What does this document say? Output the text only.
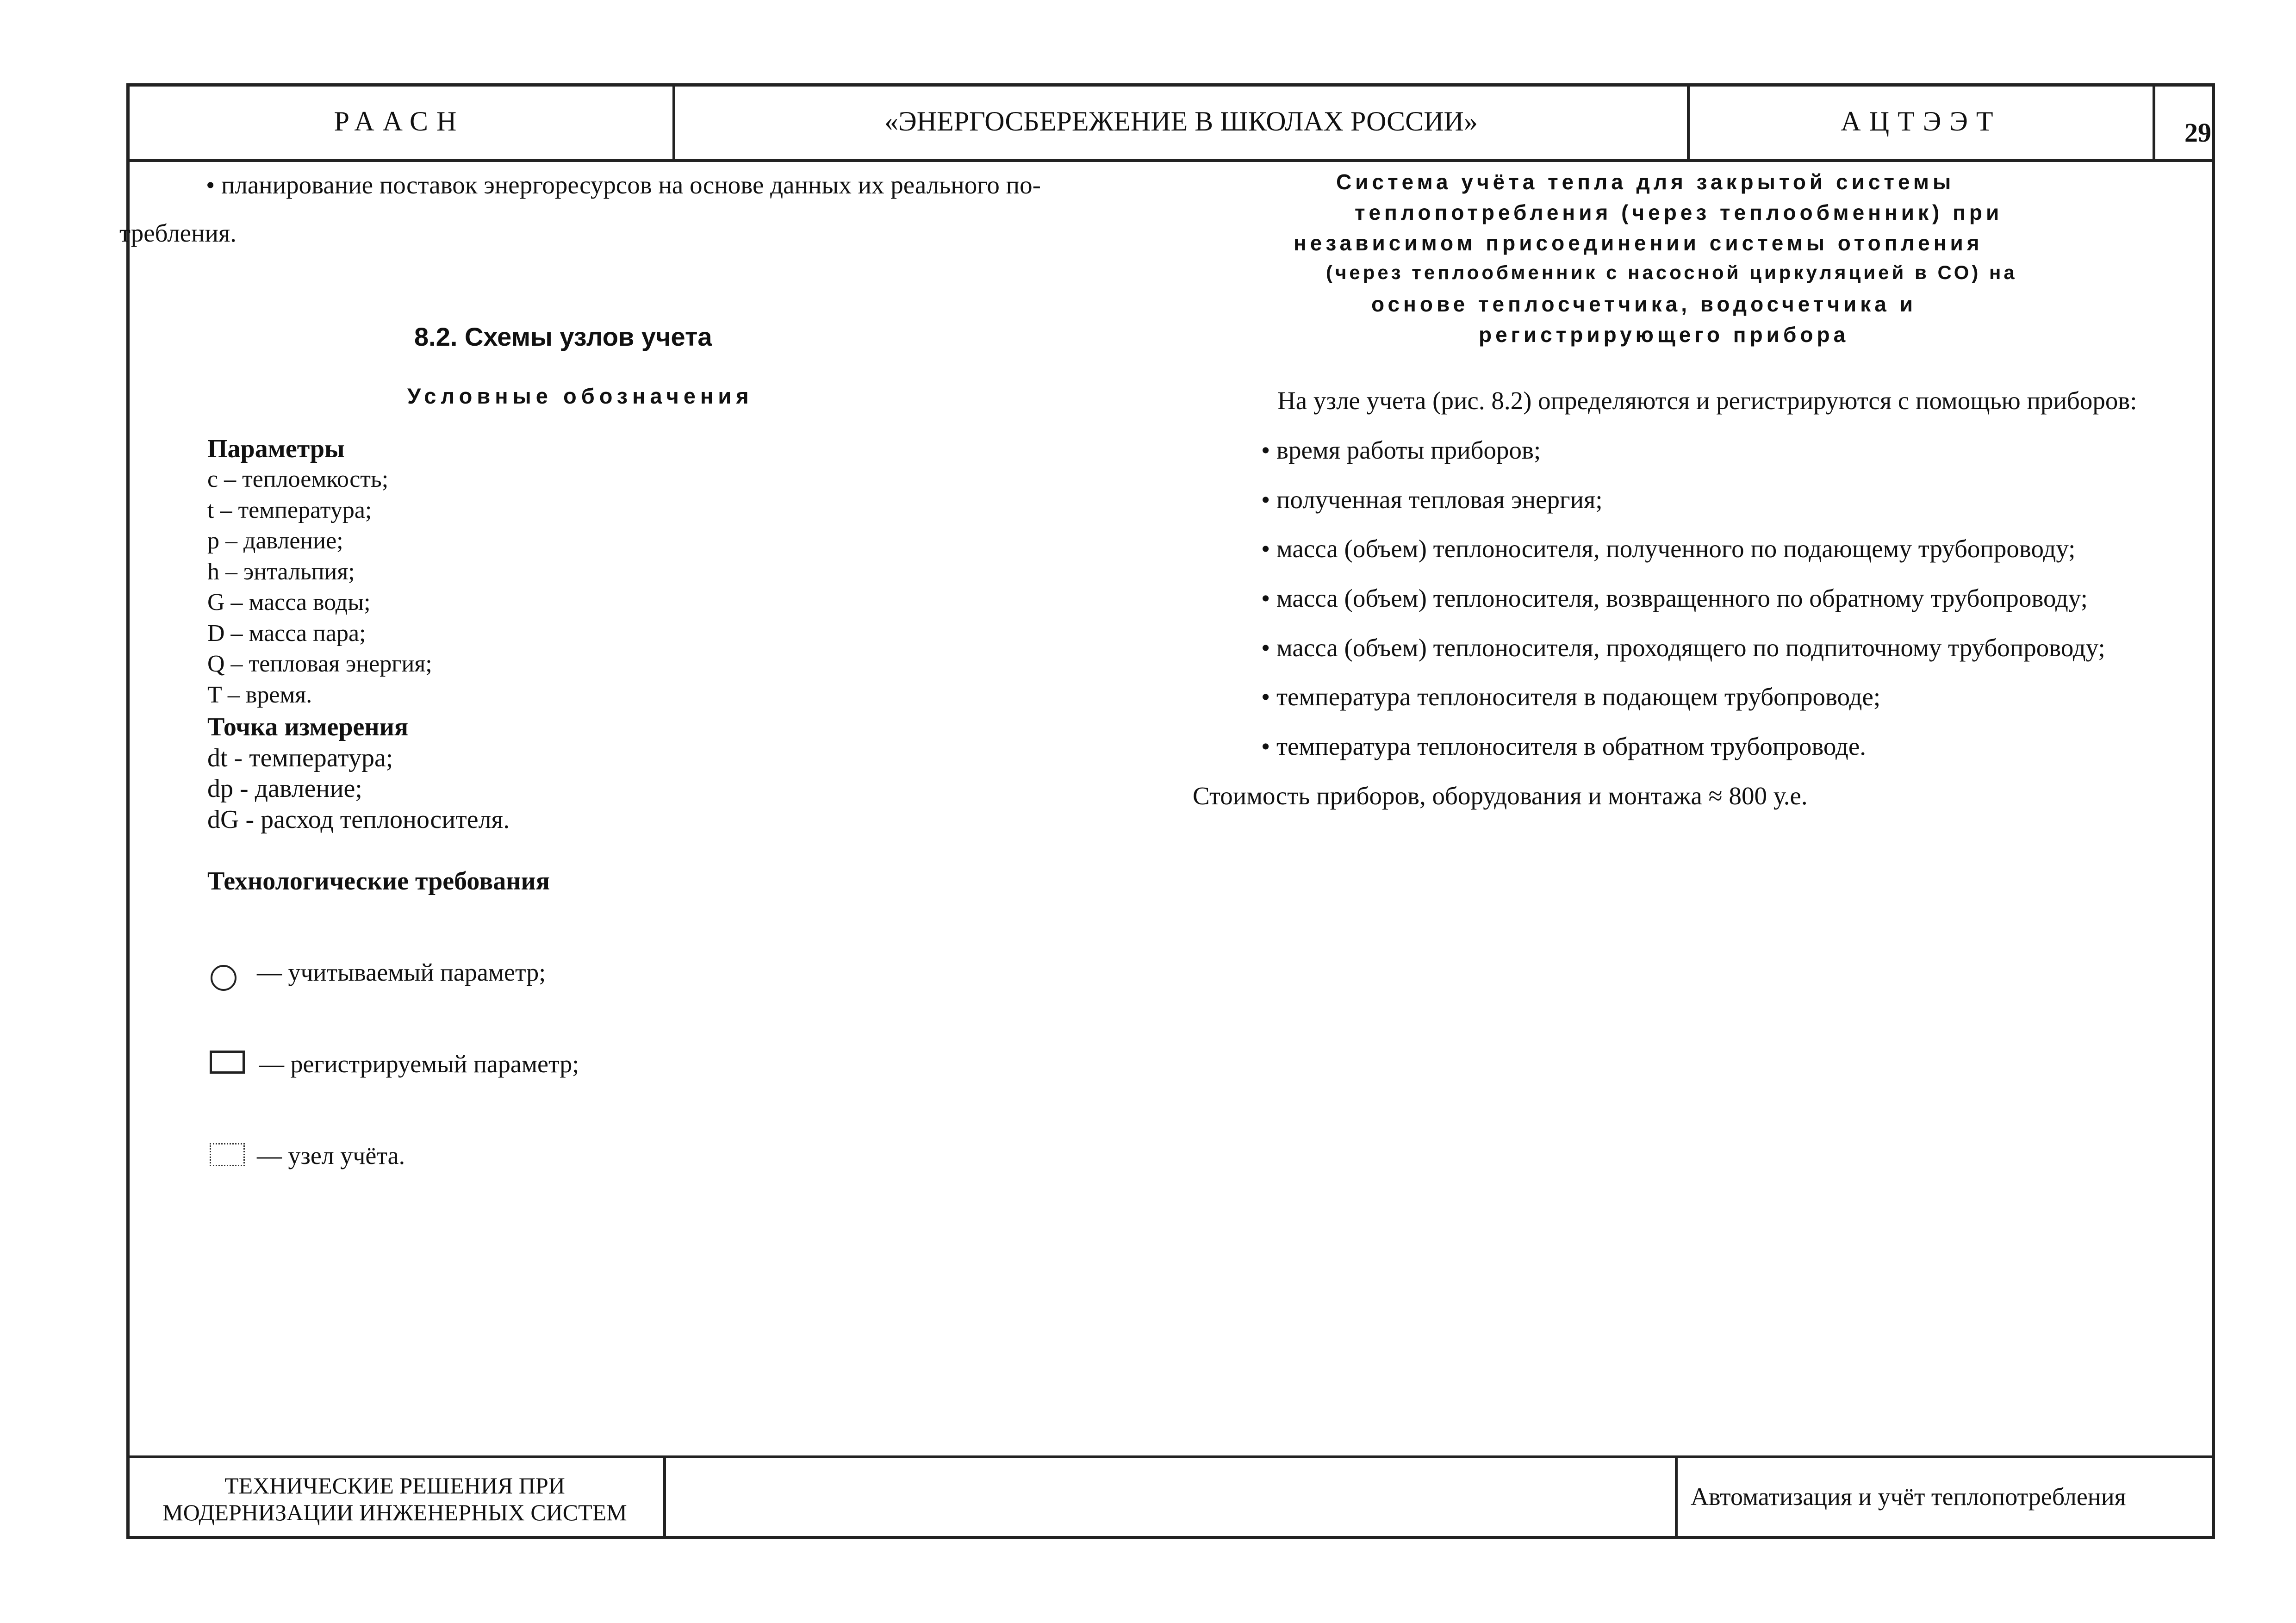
РААСН	«ЭНЕРГОСБЕРЕЖЕНИЕ В ШКОЛАХ РОССИИ»	АЦТЭЭТ	29
• планирование поставок энергоресурсов на основе данных их реального по-
требления.
8.2. Схемы узлов учета
Условные обозначения
Параметры
c – теплоемкость;
t – температура;
p – давление;
h – энтальпия;
G – масса воды;
D – масса пара;
Q – тепловая энергия;
T – время.
Точка измерения
dt - температура;
dp - давление;
dG - расход теплоносителя.
Технологические требования
— учитываемый параметр;
— регистрируемый параметр;
— узел учёта.
Система учёта тепла для закрытой системы
теплопотребления (через теплообменник) при
независимом присоединении системы отопления
(через теплообменник с насосной циркуляцией в СО) на
основе теплосчетчика, водосчетчика и
регистрирующего прибора
На узле учета (рис. 8.2) определяются и регистрируются с помощью приборов:
• время работы приборов;
• полученная тепловая энергия;
• масса (объем) теплоносителя, полученного по подающему трубопроводу;
• масса (объем) теплоносителя, возвращенного по обратному трубопроводу;
• масса (объем) теплоносителя, проходящего по подпиточному трубопроводу;
• температура теплоносителя в подающем трубопроводе;
• температура теплоносителя в обратном трубопроводе.
Стоимость приборов, оборудования и монтажа ≈ 800 у.е.
ТЕХНИЧЕСКИЕ РЕШЕНИЯ ПРИ
МОДЕРНИЗАЦИИ ИНЖЕНЕРНЫХ СИСТЕМ
Автоматизация и учёт теплопотребления
